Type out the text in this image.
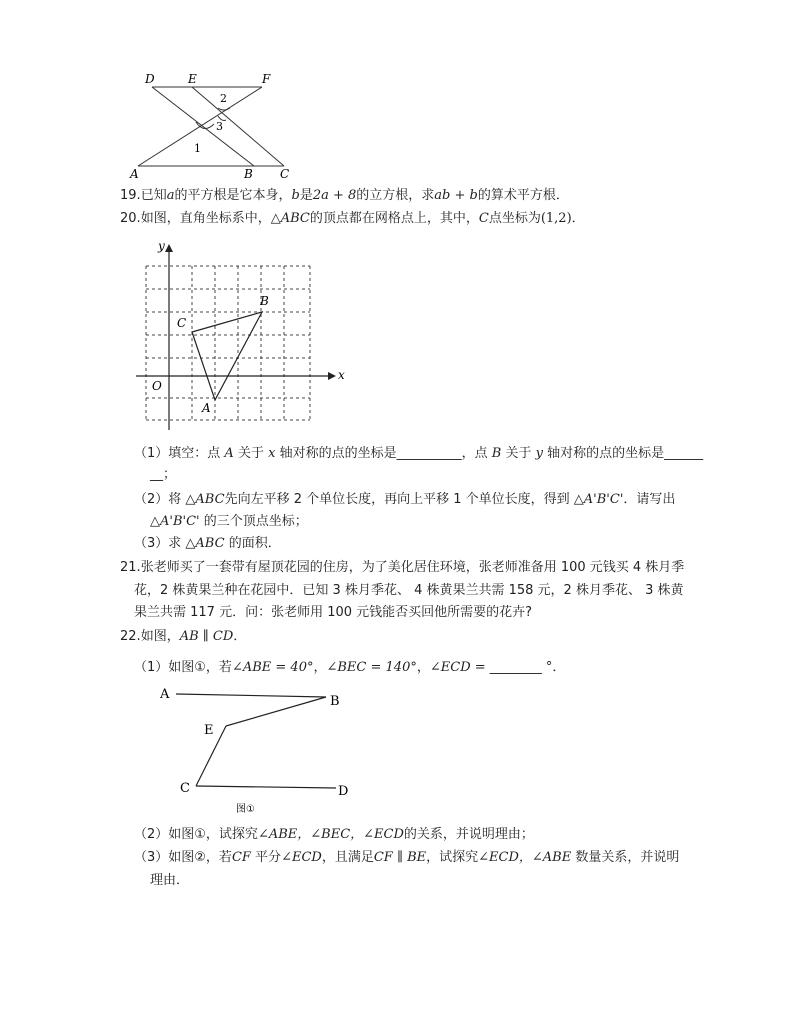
D	E	F
A	B C
1
2
3
19.已知a的平方根是它本身，b是2a + 8的立方根，求ab + b的算术平方根．
20.如图，直角坐标系中，△ABC的顶点都在网格点上，其中，C点坐标为(1,2)．
y
x
O
A
B
C
（1）填空：点 A 关于 x 轴对称的点的坐标是__________，点 B 关于 y 轴对称的点的坐标是______
__；
（2）将 △ABC先向左平移 2 个单位长度，再向上平移 1 个单位长度，得到 △A'B'C'．请写出
△A'B'C' 的三个顶点坐标；
（3）求 △ABC 的面积．
21.张老师买了一套带有屋顶花园的住房，为了美化居住环境，张老师准备用 100 元钱买 4 株月季
花，2 株黄果兰种在花园中．已知 3 株月季花、 4 株黄果兰共需 158 元，2 株月季花、 3 株黄
果兰共需 117 元．问：张老师用 100 元钱能否买回他所需要的花卉?
22.如图，AB ∥ CD．
（1）如图①，若∠ABE = 40°，∠BEC = 140°，∠ECD = ________ °．
A	B
E
C	D
图①
（2）如图①，试探究∠ABE，∠BEC，∠ECD的关系，并说明理由；
（3）如图②，若CF 平分∠ECD，且满足CF ∥ BE，试探究∠ECD，∠ABE 数量关系，并说明
理由．
